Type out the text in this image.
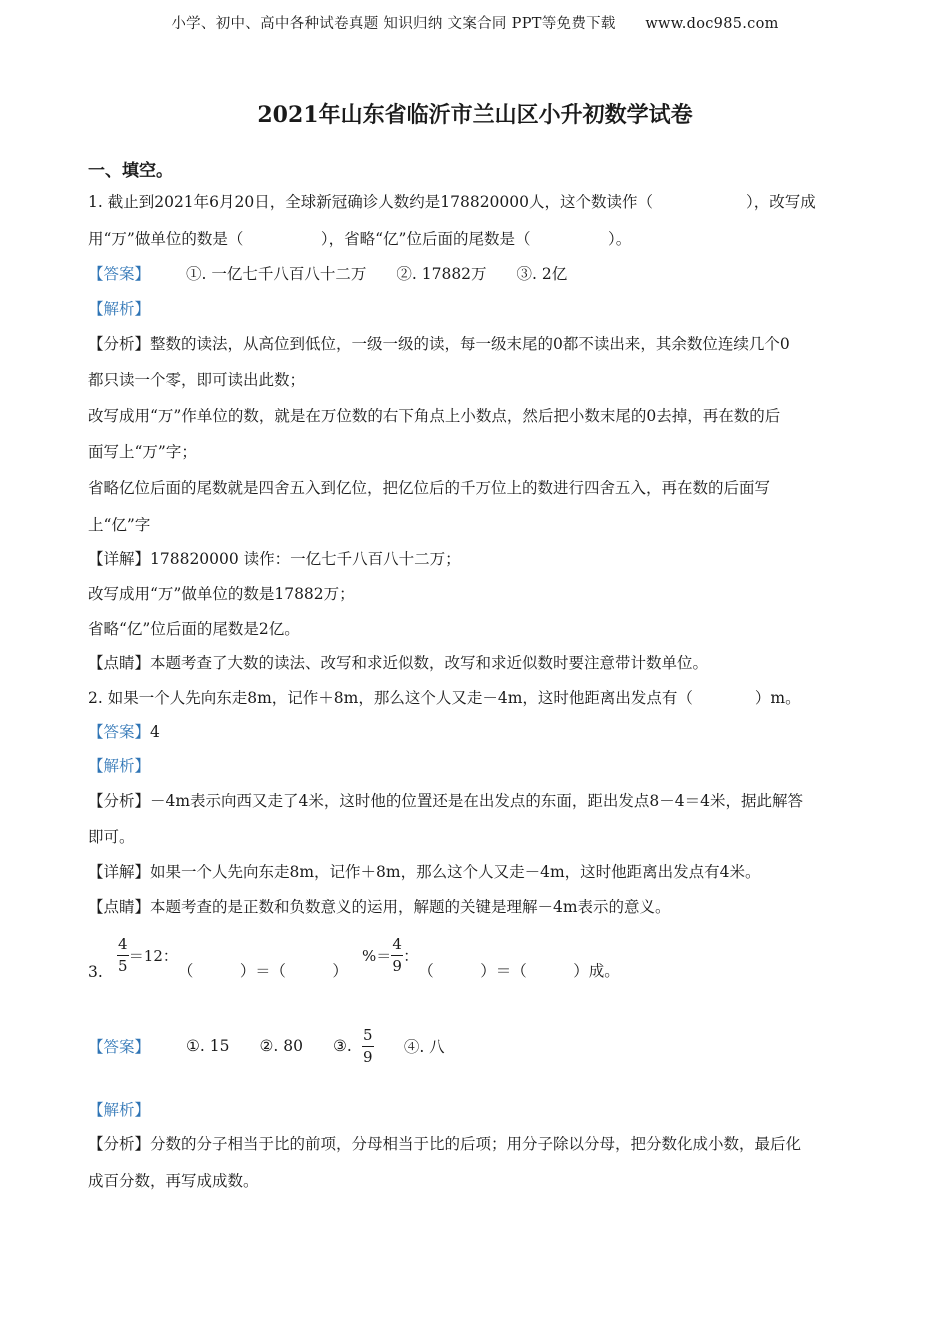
小学、初中、高中各种试卷真题 知识归纳 文案合同 PPT等免费下载　　www.doc985.com
2021年山东省临沂市兰山区小升初数学试卷
一、填空。
1. 截止到2021年6月20日，全球新冠确诊人数约是178820000人，这个数读作（　　　　　　），改写成
用“万”做单位的数是（　　　　　），省略“亿”位后面的尾数是（　　　　　）。
【答案】 ①. 一亿七千八百八十二万 ②. 17882万 ③. 2亿
【解析】
【分析】整数的读法，从高位到低位，一级一级的读，每一级末尾的0都不读出来，其余数位连续几个0
都只读一个零，即可读出此数；
改写成用“万”作单位的数，就是在万位数的右下角点上小数点，然后把小数末尾的0去掉，再在数的后
面写上“万”字；
省略亿位后面的尾数就是四舍五入到亿位，把亿位后的千万位上的数进行四舍五入，再在数的后面写
上“亿”字
【详解】178820000 读作：一亿七千八百八十二万；
改写成用“万”做单位的数是17882万；
省略“亿”位后面的尾数是2亿。
【点睛】本题考查了大数的读法、改写和求近似数，改写和求近似数时要注意带计数单位。
2. 如果一个人先向东走8m，记作＋8m，那么这个人又走－4m，这时他距离出发点有（　　　　）m。
【答案】4
【解析】
【分析】－4m表示向西又走了4米，这时他的位置还是在出发点的东面，距出发点8－4＝4米，据此解答
即可。
【详解】如果一个人先向东走8m，记作＋8m，那么这个人又走－4m，这时他距离出发点有4米。
【点睛】本题考查的是正数和负数意义的运用，解题的关键是理解－4m表示的意义。
3. $\frac{4}{5} =12$：
（　　　） ＝ （　　　）
%＝ $\frac{4}{9}$ ：
（　　　） ＝ （　　　） 成。
【答案】 ①. 15 ②. 80 ③. $\frac{5}{9}$ ④. 八
【解析】
【分析】分数的分子相当于比的前项，分母相当于比的后项；用分子除以分母，把分数化成小数，最后化
成百分数，再写成成数。
